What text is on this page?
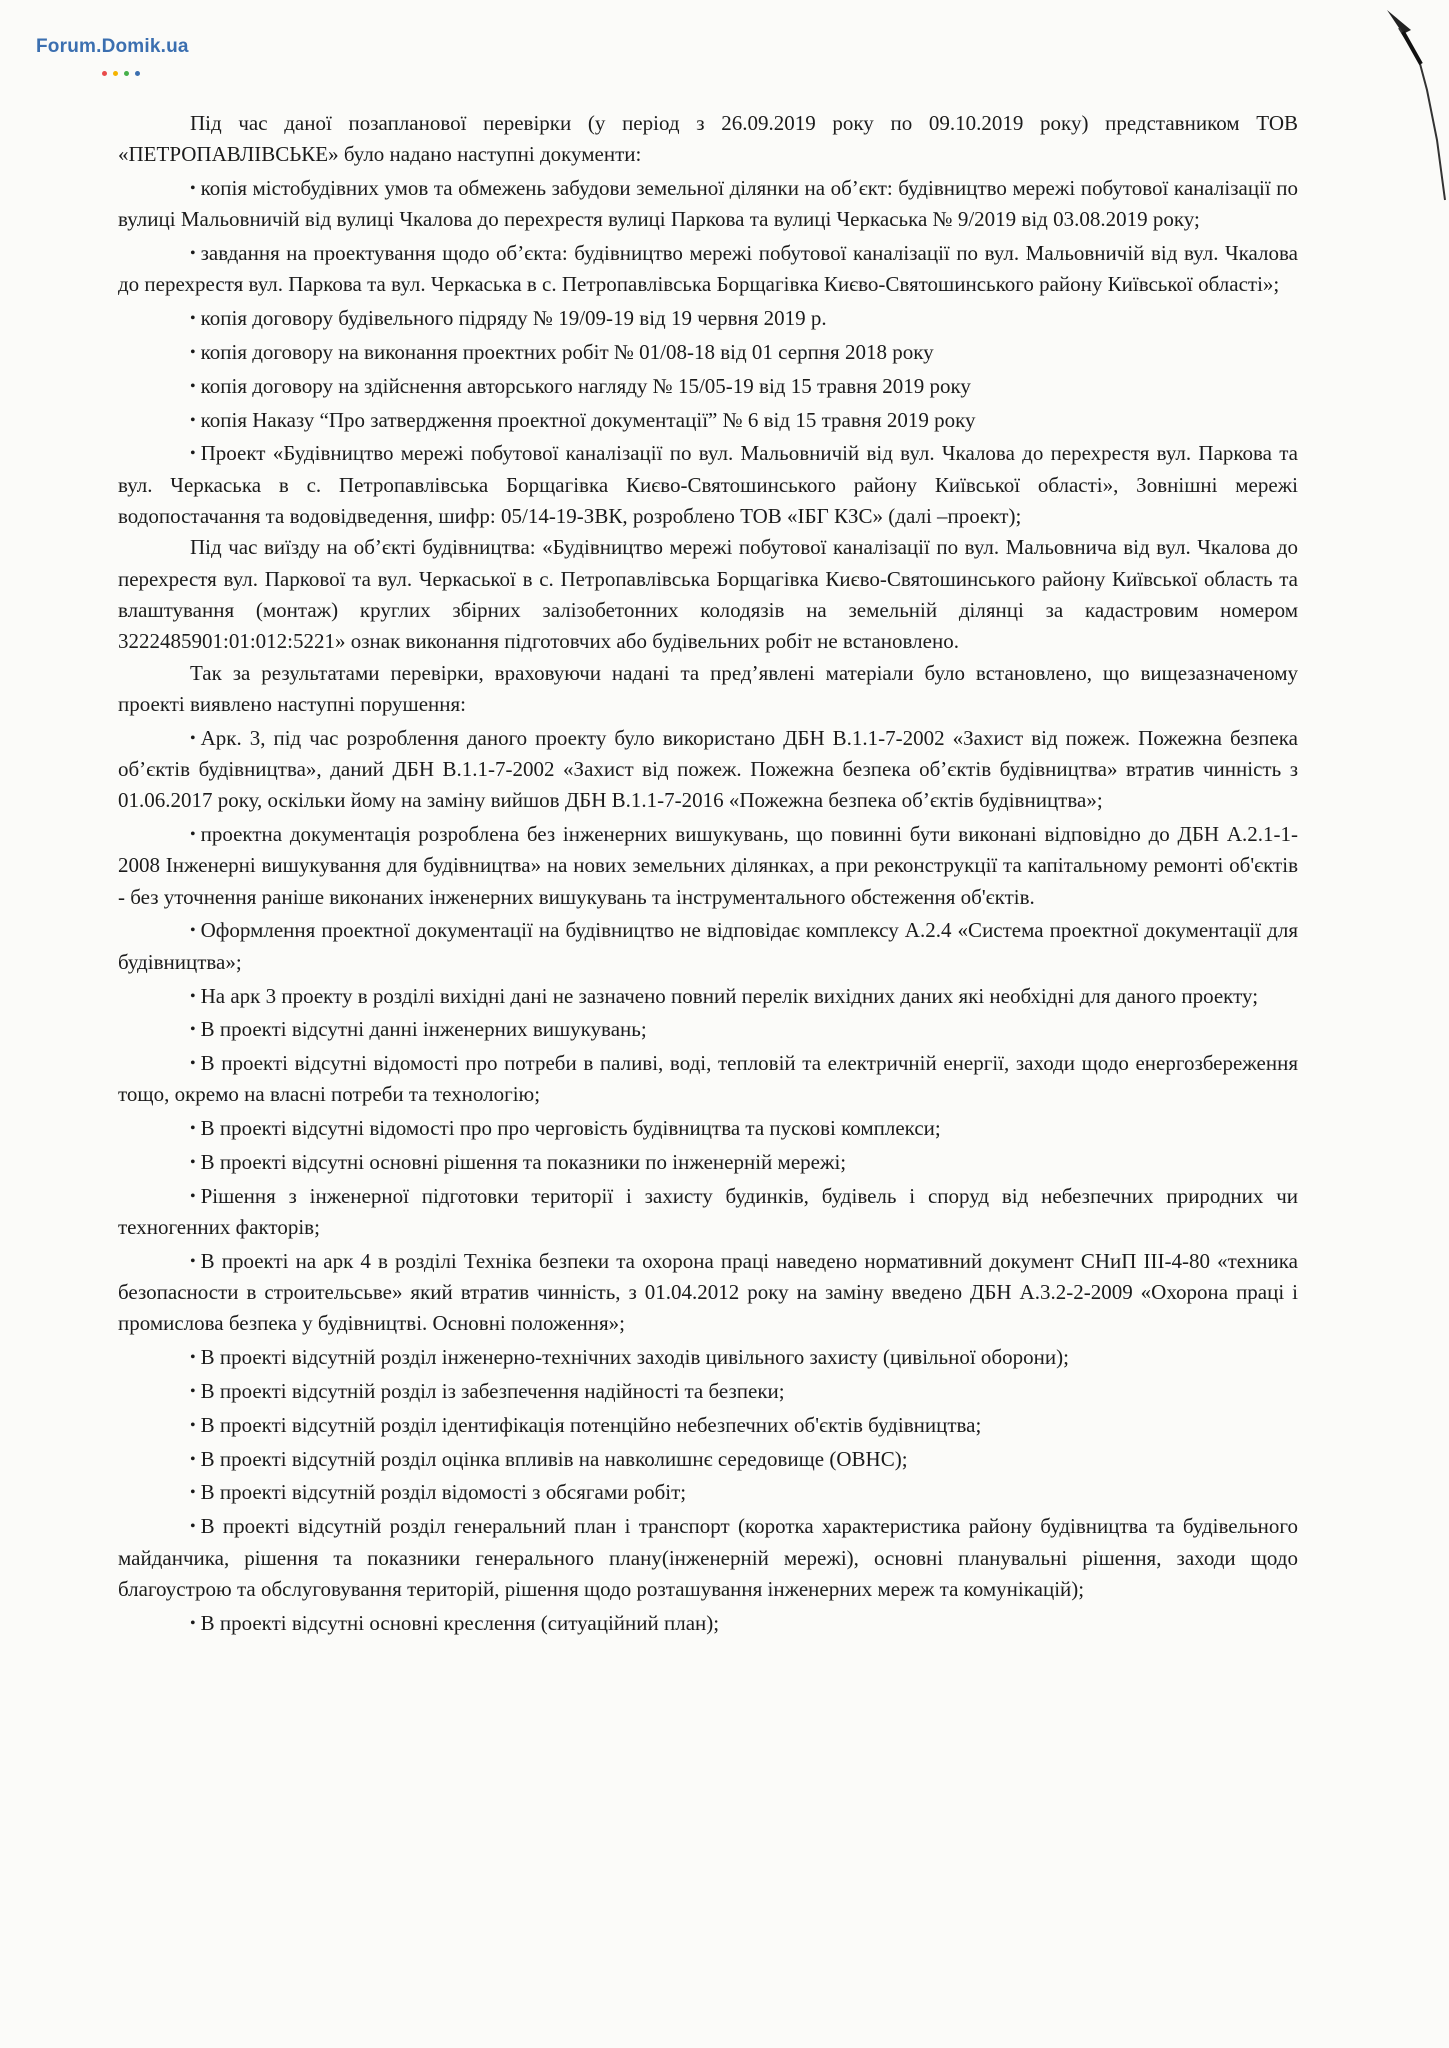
Forum.Domik.ua

Під час даної позапланової перевірки (у період з 26.09.2019 року по 09.10.2019 року) представником ТОВ «ПЕТРОПАВЛІВСЬКЕ» було надано наступні документи:

• копія містобудівних умов та обмежень забудови земельної ділянки на об’єкт: будівництво мережі побутової каналізації по вулиці Мальовничій від вулиці Чкалова до перехрестя вулиці Паркова та вулиці Черкаська № 9/2019 від 03.08.2019 року;

• завдання на проектування щодо об’єкта: будівництво мережі побутової каналізації по вул. Мальовничій від вул. Чкалова до перехрестя вул. Паркова та вул. Черкаська в с. Петропавлівська Борщагівка Києво-Святошинського району Київської області»;

• копія договору будівельного підряду № 19/09-19 від 19 червня 2019 р.

• копія договору на виконання проектних робіт № 01/08-18 від 01 серпня 2018 року

• копія договору на здійснення авторського нагляду № 15/05-19 від 15 травня 2019 року

• копія Наказу “Про затвердження проектної документації” № 6 від 15 травня 2019 року

• Проект «Будівництво мережі побутової каналізації по вул. Мальовничій від вул. Чкалова до перехрестя вул. Паркова та вул. Черкаська в с. Петропавлівська Борщагівка Києво-Святошинського району Київської області», Зовнішні мережі водопостачання та водовідведення, шифр: 05/14-19-ЗВК, розроблено ТОВ «ІБГ КЗС» (далі –проект);

Під час виїзду на об’єкті будівництва: «Будівництво мережі побутової каналізації по вул. Мальовнича від вул. Чкалова до перехрестя вул. Паркової та вул. Черкаської в с. Петропавлівська Борщагівка Києво-Святошинського району Київської область та влаштування (монтаж) круглих збірних залізобетонних колодязів на земельній ділянці за кадастровим номером 3222485901:01:012:5221» ознак виконання підготовчих або будівельних робіт не встановлено.

Так за результатами перевірки, враховуючи надані та пред’явлені матеріали було встановлено, що вищезазначеному проекті виявлено наступні порушення:

• Арк. 3, під час розроблення даного проекту було використано ДБН В.1.1-7-2002 «Захист від пожеж. Пожежна безпека об’єктів будівництва», даний ДБН В.1.1-7-2002 «Захист від пожеж. Пожежна безпека об’єктів будівництва» втратив чинність з 01.06.2017 року, оскільки йому на заміну вийшов ДБН В.1.1-7-2016 «Пожежна безпека об’єктів будівництва»;

• проектна документація розроблена без інженерних вишукувань, що повинні бути виконані відповідно до ДБН А.2.1-1-2008 Інженерні вишукування для будівництва» на нових земельних ділянках, а при реконструкції та капітальному ремонті об'єктів - без уточнення раніше виконаних інженерних вишукувань та інструментального обстеження об'єктів.

• Оформлення проектної документації на будівництво не відповідає комплексу А.2.4 «Система проектної документації для будівництва»;

• На арк 3 проекту в розділі вихідні дані не зазначено повний перелік вихідних даних які необхідні для даного проекту;

• В проекті відсутні данні інженерних вишукувань;

• В проекті відсутні відомості про потреби в паливі, воді, тепловій та електричній енергії, заходи щодо енергозбереження тощо, окремо на власні потреби та технологію;

• В проекті відсутні відомості про про черговість будівництва та пускові комплекси;

• В проекті відсутні основні рішення та показники по інженерній мережі;

• Рішення з інженерної підготовки території і захисту будинків, будівель і споруд від небезпечних природних чи техногенних факторів;

• В проекті на арк 4 в розділі Техніка безпеки та охорона праці наведено нормативний документ СНиП ІІІ-4-80 «техника безопасности в строительсьве» який втратив чинність, з 01.04.2012 року на заміну введено ДБН А.3.2-2-2009 «Охорона праці і промислова безпека у будівництві. Основні положення»;

• В проекті відсутній розділ інженерно-технічних заходів цивільного захисту (цивільної оборони);

• В проекті відсутній розділ із забезпечення надійності та безпеки;

• В проекті відсутній розділ ідентифікація потенційно небезпечних об'єктів будівництва;

• В проекті відсутній розділ оцінка впливів на навколишнє середовище (ОВНС);

• В проекті відсутній розділ відомості з обсягами робіт;

• В проекті відсутній розділ генеральний план і транспорт (коротка характеристика району будівництва та будівельного майданчика, рішення та показники генерального плану(інженерній мережі), основні планувальні рішення, заходи щодо благоустрою та обслуговування територій, рішення щодо розташування інженерних мереж та комунікацій);

• В проекті відсутні основні креслення (ситуаційний план);
